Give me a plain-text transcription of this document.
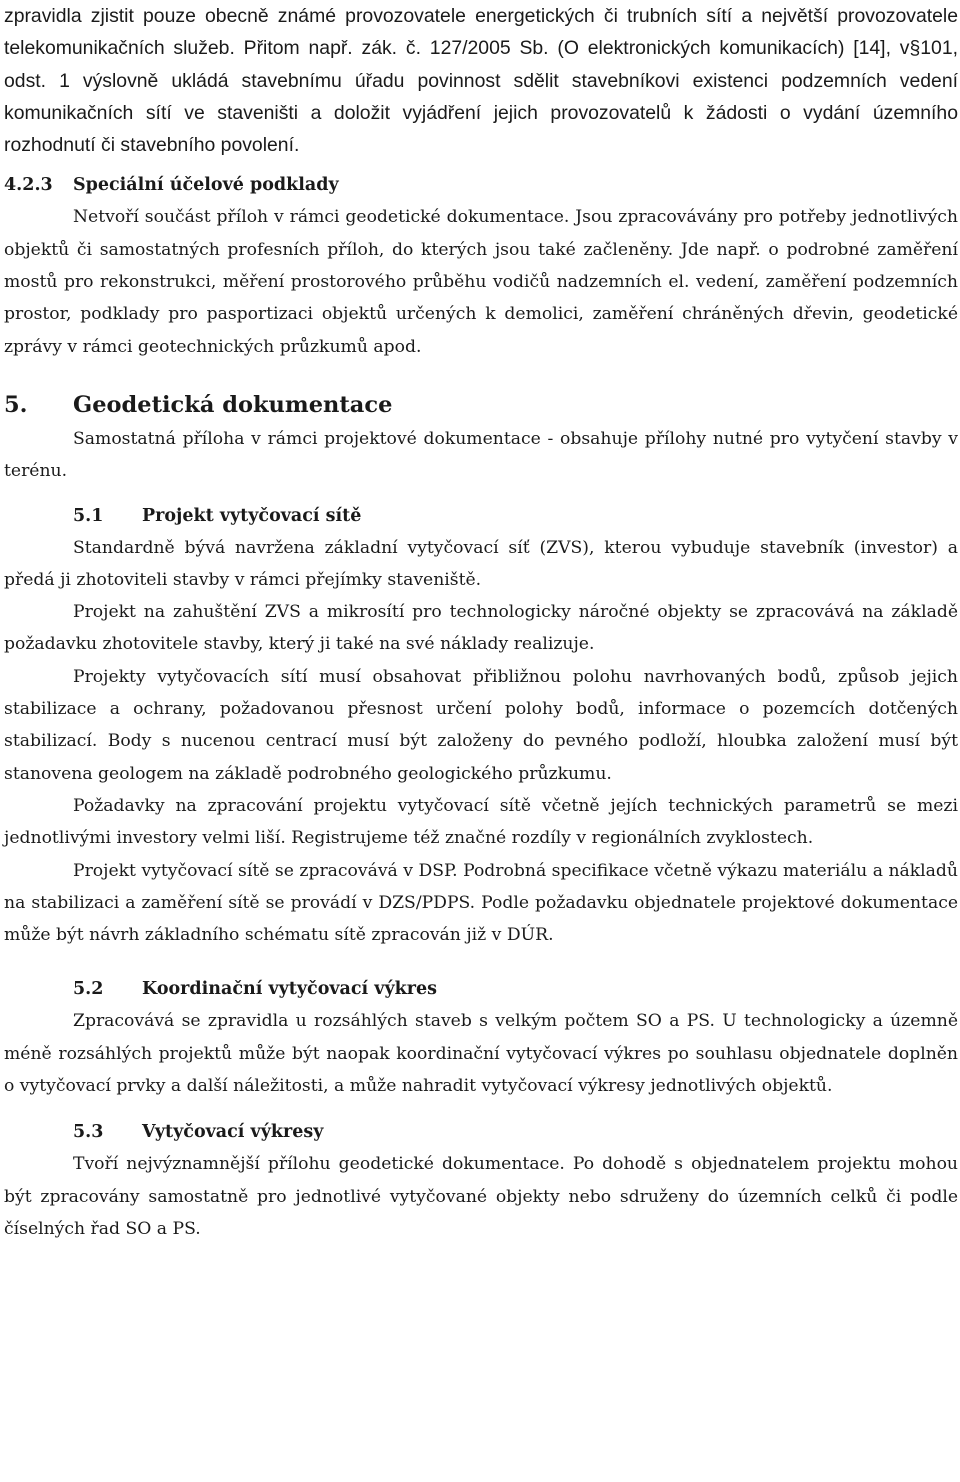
zpravidla zjistit pouze obecně známé provozovatele energetických či trubních sítí a největší provozovatele telekomunikačních služeb. Přitom např. zák. č. 127/2005 Sb. (O elektronických komunikacích) [14], v§101, odst. 1 výslovně ukládá stavebnímu úřadu povinnost sdělit stavebníkovi existenci podzemních vedení komunikačních sítí ve staveništi a doložit vyjádření jejich provozovatelů k žádosti o vydání územního rozhodnutí či stavebního povolení.

4.2.3 Speciální účelové podklady

Netvoří součást příloh v rámci geodetické dokumentace. Jsou zpracovávány pro potřeby jednotlivých objektů či samostatných profesních příloh, do kterých jsou také začleněny. Jde např. o podrobné zaměření mostů pro rekonstrukci, měření prostorového průběhu vodičů nadzemních el. vedení, zaměření podzemních prostor, podklady pro pasportizaci objektů určených k demolici, zaměření chráněných dřevin, geodetické zprávy v rámci geotechnických průzkumů apod.

5. Geodetická dokumentace

Samostatná příloha v rámci projektové dokumentace - obsahuje přílohy nutné pro vytyčení stavby v terénu.

5.1 Projekt vytyčovací sítě

Standardně bývá navržena základní vytyčovací síť (ZVS), kterou vybuduje stavebník (investor) a předá ji zhotoviteli stavby v rámci přejímky staveniště.

Projekt na zahuštění ZVS a mikrosítí pro technologicky náročné objekty se zpracovává na základě požadavku zhotovitele stavby, který ji také na své náklady realizuje.

Projekty vytyčovacích sítí musí obsahovat přibližnou polohu navrhovaných bodů, způsob jejich stabilizace a ochrany, požadovanou přesnost určení polohy bodů, informace o pozemcích dotčených stabilizací. Body s nucenou centrací musí být založeny do pevného podloží, hloubka založení musí být stanovena geologem na základě podrobného geologického průzkumu.

Požadavky na zpracování projektu vytyčovací sítě včetně jejích technických parametrů se mezi jednotlivými investory velmi liší. Registrujeme též značné rozdíly v regionálních zvyklostech.

Projekt vytyčovací sítě se zpracovává v DSP. Podrobná specifikace včetně výkazu materiálu a nákladů na stabilizaci a zaměření sítě se provádí v DZS/PDPS. Podle požadavku objednatele projektové dokumentace může být návrh základního schématu sítě zpracován již v DÚR.

5.2 Koordinační vytyčovací výkres

Zpracovává se zpravidla u rozsáhlých staveb s velkým počtem SO a PS. U technologicky a územně méně rozsáhlých projektů může být naopak koordinační vytyčovací výkres po souhlasu objednatele doplněn o vytyčovací prvky a další náležitosti, a může nahradit vytyčovací výkresy jednotlivých objektů.

5.3 Vytyčovací výkresy

Tvoří nejvýznamnější přílohu geodetické dokumentace. Po dohodě s objednatelem projektu mohou být zpracovány samostatně pro jednotlivé vytyčované objekty nebo sdruženy do územních celků či podle číselných řad SO a PS.
